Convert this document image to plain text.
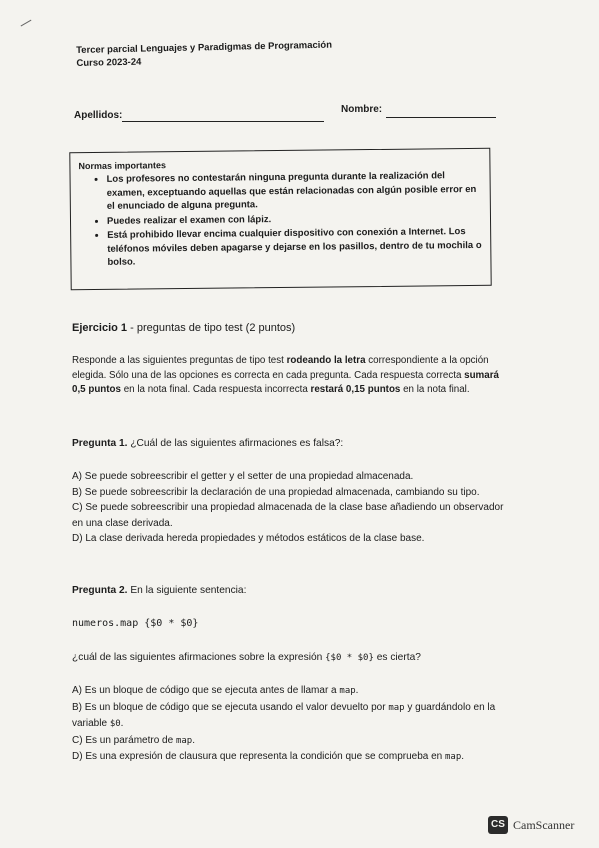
Tercer parcial Lenguajes y Paradigmas de Programación
Curso 2023-24
Apellidos:
Nombre:
Normas importantes
• Los profesores no contestarán ninguna pregunta durante la realización del examen, exceptuando aquellas que están relacionadas con algún posible error en el enunciado de alguna pregunta.
• Puedes realizar el examen con lápiz.
• Está prohibido llevar encima cualquier dispositivo con conexión a Internet. Los teléfonos móviles deben apagarse y dejarse en los pasillos, dentro de tu mochila o bolso.
Ejercicio 1 - preguntas de tipo test (2 puntos)
Responde a las siguientes preguntas de tipo test rodeando la letra correspondiente a la opción elegida. Sólo una de las opciones es correcta en cada pregunta. Cada respuesta correcta sumará 0,5 puntos en la nota final. Cada respuesta incorrecta restará 0,15 puntos en la nota final.
Pregunta 1. ¿Cuál de las siguientes afirmaciones es falsa?:
A) Se puede sobreescribir el getter y el setter de una propiedad almacenada.
B) Se puede sobreescribir la declaración de una propiedad almacenada, cambiando su tipo.
C) Se puede sobreescribir una propiedad almacenada de la clase base añadiendo un observador en una clase derivada.
D) La clase derivada hereda propiedades y métodos estáticos de la clase base.
Pregunta 2. En la siguiente sentencia:
numeros.map {$0 * $0}
¿cuál de las siguientes afirmaciones sobre la expresión {$0 * $0} es cierta?
A) Es un bloque de código que se ejecuta antes de llamar a map.
B) Es un bloque de código que se ejecuta usando el valor devuelto por map y guardándolo en la variable $0.
C) Es un parámetro de map.
D) Es una expresión de clausura que representa la condición que se comprueba en map.
CS CamScanner
